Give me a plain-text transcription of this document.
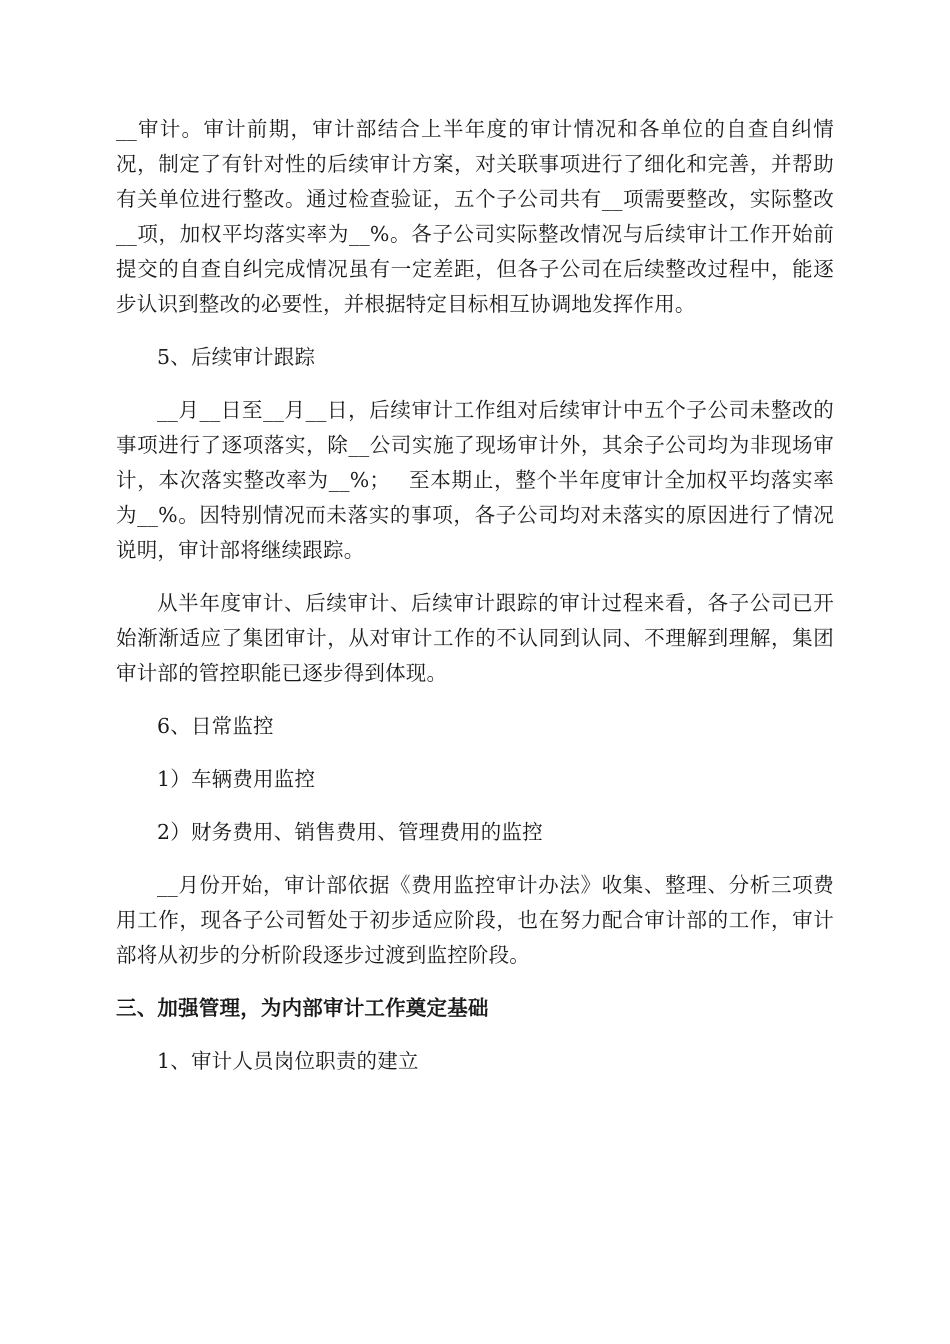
__审计。审计前期，审计部结合上半年度的审计情况和各单位的自查自纠情况，制定了有针对性的后续审计方案，对关联事项进行了细化和完善，并帮助有关单位进行整改。通过检查验证，五个子公司共有__项需要整改，实际整改__项，加权平均落实率为__%。各子公司实际整改情况与后续审计工作开始前提交的自查自纠完成情况虽有一定差距，但各子公司在后续整改过程中，能逐步认识到整改的必要性，并根据特定目标相互协调地发挥作用。

5、后续审计跟踪

__月__日至__月__日，后续审计工作组对后续审计中五个子公司未整改的事项进行了逐项落实，除__公司实施了现场审计外，其余子公司均为非现场审计，本次落实整改率为__%；　 至本期止，整个半年度审计全加权平均落实率为__%。因特别情况而未落实的事项，各子公司均对未落实的原因进行了情况说明，审计部将继续跟踪。

从半年度审计、后续审计、后续审计跟踪的审计过程来看，各子公司已开始渐渐适应了集团审计，从对审计工作的不认同到认同、不理解到理解，集团审计部的管控职能已逐步得到体现。

6、日常监控

1）车辆费用监控

2）财务费用、销售费用、管理费用的监控

__月份开始，审计部依据《费用监控审计办法》收集、整理、分析三项费用工作，现各子公司暂处于初步适应阶段，也在努力配合审计部的工作，审计部将从初步的分析阶段逐步过渡到监控阶段。

三、加强管理，为内部审计工作奠定基础

1、审计人员岗位职责的建立
